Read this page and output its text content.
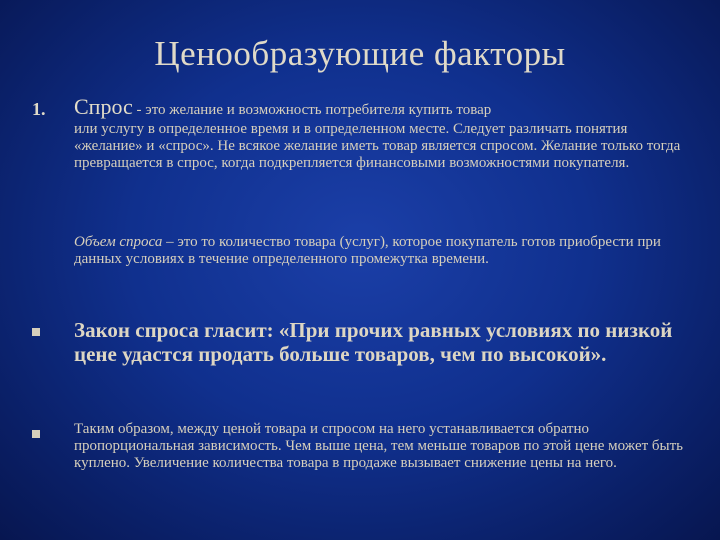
Ценообразующие факторы
1. Спрос - это желание и возможность потребителя купить товар
или услугу в определенное время и в определенном месте. Следует различать понятия «желание» и «спрос». Не всякое желание иметь товар является спросом. Желание только тогда превращается в спрос, когда подкрепляется финансовыми возможностями покупателя.
Объем спроса – это то количество товара (услуг), которое покупатель готов приобрести при данных условиях в течение определенного промежутка времени.
Закон спроса гласит: «При прочих равных условиях по низкой цене удастся продать больше товаров, чем по высокой».
Таким образом, между ценой товара и спросом на него устанавливается обратно пропорциональная зависимость. Чем выше цена, тем меньше товаров по этой цене может быть куплено. Увеличение количества товара в продаже вызывает снижение цены на него.
